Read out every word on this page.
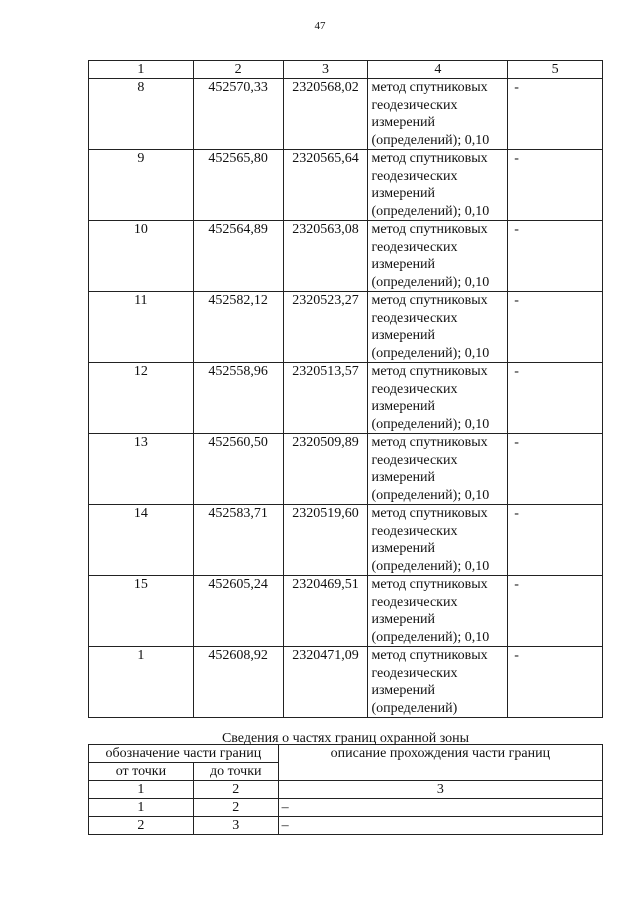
47
1	2	3	4	5
8	452570,33	2320568,02	метод спутниковых
геодезических
измерений
(определений); 0,10	-
9	452565,80	2320565,64	метод спутниковых
геодезических
измерений
(определений); 0,10	-
10	452564,89	2320563,08	метод спутниковых
геодезических
измерений
(определений); 0,10	-
11	452582,12	2320523,27	метод спутниковых
геодезических
измерений
(определений); 0,10	-
12	452558,96	2320513,57	метод спутниковых
геодезических
измерений
(определений); 0,10	-
13	452560,50	2320509,89	метод спутниковых
геодезических
измерений
(определений); 0,10	-
14	452583,71	2320519,60	метод спутниковых
геодезических
измерений
(определений); 0,10	-
15	452605,24	2320469,51	метод спутниковых
геодезических
измерений
(определений); 0,10	-
1	452608,92	2320471,09	метод спутниковых
геодезических
измерений
(определений)	-
Сведения о частях границ охранной зоны
обозначение части границ		описание прохождения части границ
от точки	до точки	
1	2	3
1	2	–
2	3	–
